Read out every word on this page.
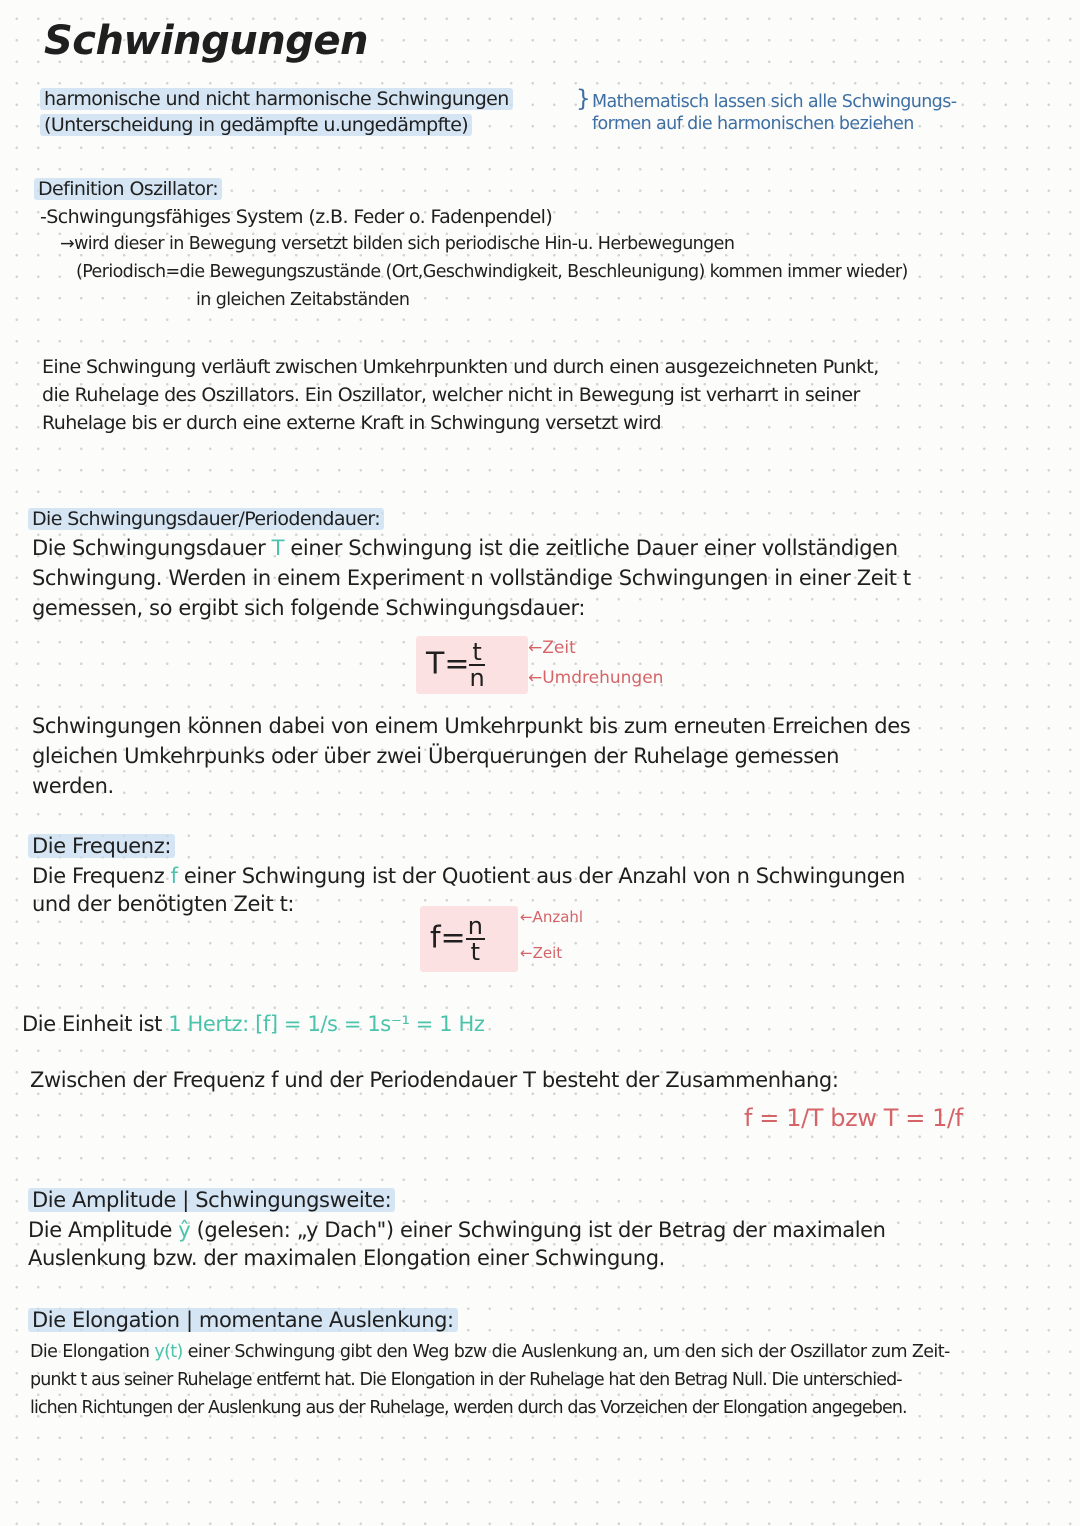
Schwingungen
harmonische und nicht harmonische Schwingungen
(Unterscheidung in gedämpfte u.ungedämpfte)
} Mathematisch lassen sich alle Schwingungs-
formen auf die harmonischen beziehen
Definition Oszillator:
-Schwingungsfähiges System (z.B. Feder o. Fadenpendel)
→wird dieser in Bewegung versetzt bilden sich periodische Hin-u. Herbewegungen
(Periodisch=die Bewegungszustände (Ort,Geschwindigkeit, Beschleunigung) kommen immer wieder)
in gleichen Zeitabständen
Eine Schwingung verläuft zwischen Umkehrpunkten und durch einen ausgezeichneten Punkt,
die Ruhelage des Oszillators. Ein Oszillator, welcher nicht in Bewegung ist verharrt in seiner
Ruhelage bis er durch eine externe Kraft in Schwingung versetzt wird
Die Schwingungsdauer/Periodendauer:
Die Schwingungsdauer T einer Schwingung ist die zeitliche Dauer einer vollständigen
Schwingung. Werden in einem Experiment n vollständige Schwingungen in einer Zeit t
gemessen, so ergibt sich folgende Schwingungsdauer:
$T= \frac{t}{n}$	←Zeit
←Umdrehungen
Schwingungen können dabei von einem Umkehrpunkt bis zum erneuten Erreichen des
gleichen Umkehrpunks oder über zwei Überquerungen der Ruhelage gemessen
werden.
Die Frequenz:
Die Frequenz f einer Schwingung ist der Quotient aus der Anzahl von n Schwingungen
und der benötigten Zeit t:
$f= \frac{n}{t}$ ←Anzahl
←Zeit
Die Einheit ist 1 Hertz: [f] = 1/s = 1s⁻¹ = 1 Hz
Zwischen der Frequenz f und der Periodendauer T besteht der Zusammenhang:
f = 1/T bzw T = 1/f
Die Amplitude | Schwingungsweite:
Die Amplitude ŷ (gelesen: „y Dach") einer Schwingung ist der Betrag der maximalen
Auslenkung bzw. der maximalen Elongation einer Schwingung.
Die Elongation | momentane Auslenkung:
Die Elongation y(t) einer Schwingung gibt den Weg bzw die Auslenkung an, um den sich der Oszillator zum Zeit-
punkt t aus seiner Ruhelage entfernt hat. Die Elongation in der Ruhelage hat den Betrag Null. Die unterschied-
lichen Richtungen der Auslenkung aus der Ruhelage, werden durch das Vorzeichen der Elongation angegeben.
